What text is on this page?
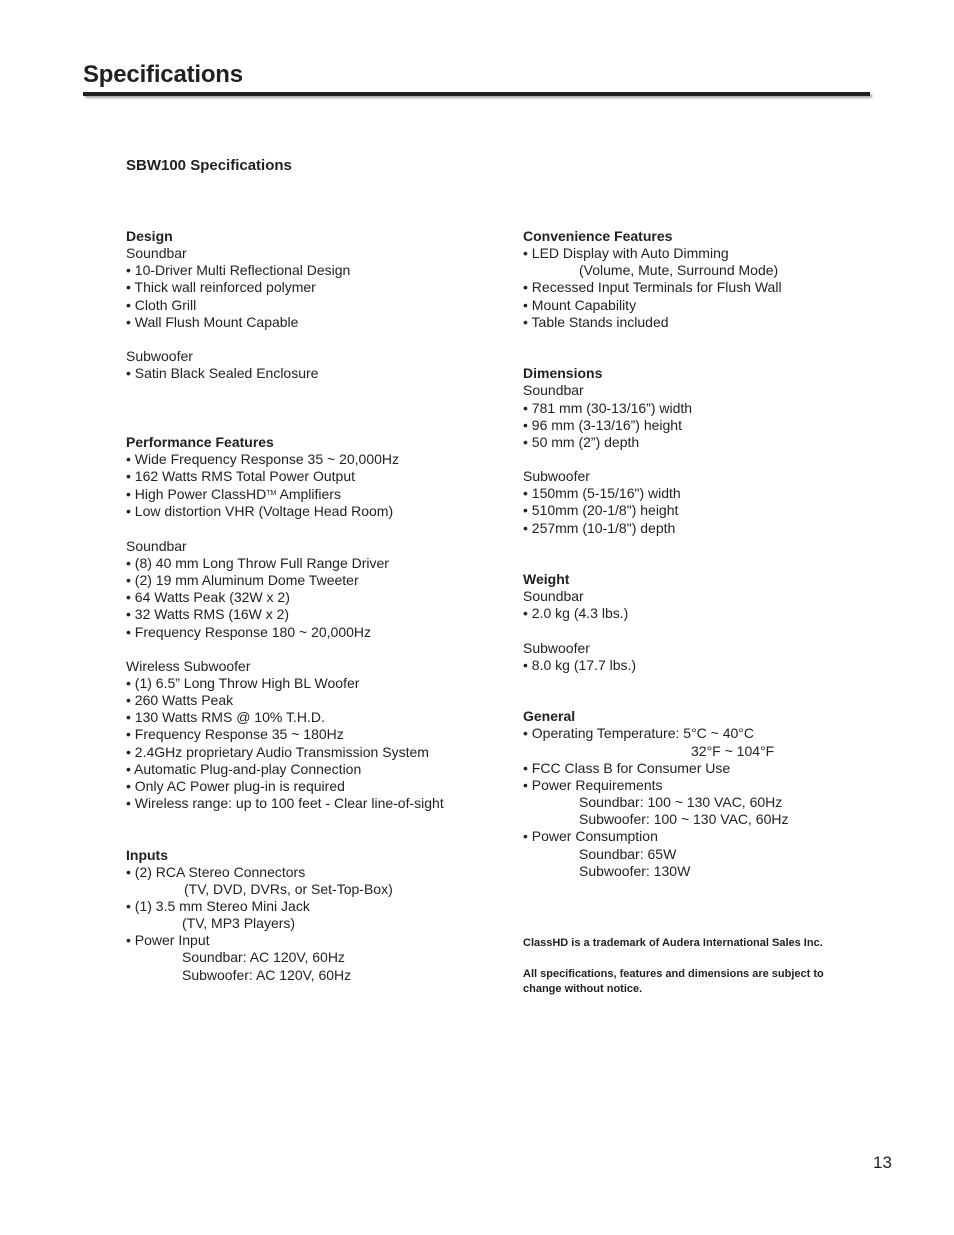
Specifications
SBW100 Specifications
Design
Soundbar
• 10-Driver Multi Reflectional Design
• Thick wall reinforced polymer
• Cloth Grill
• Wall Flush Mount Capable
Subwoofer
• Satin Black Sealed Enclosure
Performance Features
• Wide Frequency Response 35 ~ 20,000Hz
• 162 Watts RMS Total Power Output
• High Power ClassHD™ Amplifiers
• Low distortion VHR (Voltage Head Room)
Soundbar
• (8) 40 mm Long Throw Full Range Driver
• (2) 19 mm Aluminum Dome Tweeter
• 64 Watts Peak (32W x 2)
• 32 Watts RMS (16W x 2)
• Frequency Response 180 ~ 20,000Hz
Wireless Subwoofer
• (1) 6.5” Long Throw High BL Woofer
• 260 Watts Peak
• 130 Watts RMS @ 10% T.H.D.
• Frequency Response 35 ~ 180Hz
• 2.4GHz proprietary Audio Transmission System
• Automatic Plug-and-play Connection
• Only AC Power plug-in is required
• Wireless range: up to 100 feet - Clear line-of-sight
Inputs
• (2) RCA Stereo Connectors
(TV, DVD, DVRs, or Set-Top-Box)
• (1) 3.5 mm Stereo Mini Jack
(TV, MP3 Players)
• Power Input
Soundbar: AC 120V, 60Hz
Subwoofer: AC 120V, 60Hz
Convenience Features
• LED Display with Auto Dimming
(Volume, Mute, Surround Mode)
• Recessed Input Terminals for Flush Wall
• Mount Capability
• Table Stands included
Dimensions
Soundbar
• 781 mm (30-13/16”) width
• 96 mm (3-13/16”) height
• 50 mm (2”) depth
Subwoofer
• 150mm (5-15/16") width
• 510mm (20-1/8") height
• 257mm (10-1/8") depth
Weight
Soundbar
• 2.0 kg (4.3 lbs.)
Subwoofer
• 8.0 kg (17.7 lbs.)
General
• Operating Temperature: 5°C ~ 40°C
32°F ~ 104°F
• FCC Class B for Consumer Use
• Power Requirements
Soundbar: 100 ~ 130 VAC, 60Hz
Subwoofer: 100 ~ 130 VAC, 60Hz
• Power Consumption
Soundbar: 65W
Subwoofer: 130W
ClassHD is a trademark of Audera International Sales Inc.
All specifications, features and dimensions are subject to
change without notice.
13
